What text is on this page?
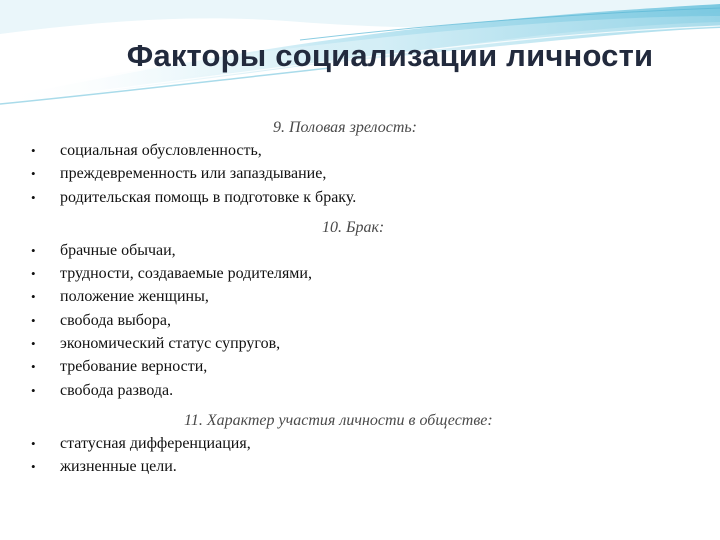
Факторы социализации личности

9. Половая зрелость:

• социальная обусловленность,
• преждевременность или запаздывание,
• родительская помощь в подготовке к браку.

10. Брак:

• брачные обычаи,
• трудности, создаваемые родителями,
• положение женщины,
• свобода выбора,
• экономический статус супругов,
• требование верности,
• свобода развода.

11. Характер участия личности в обществе:

• статусная дифференциация,
• жизненные цели.
